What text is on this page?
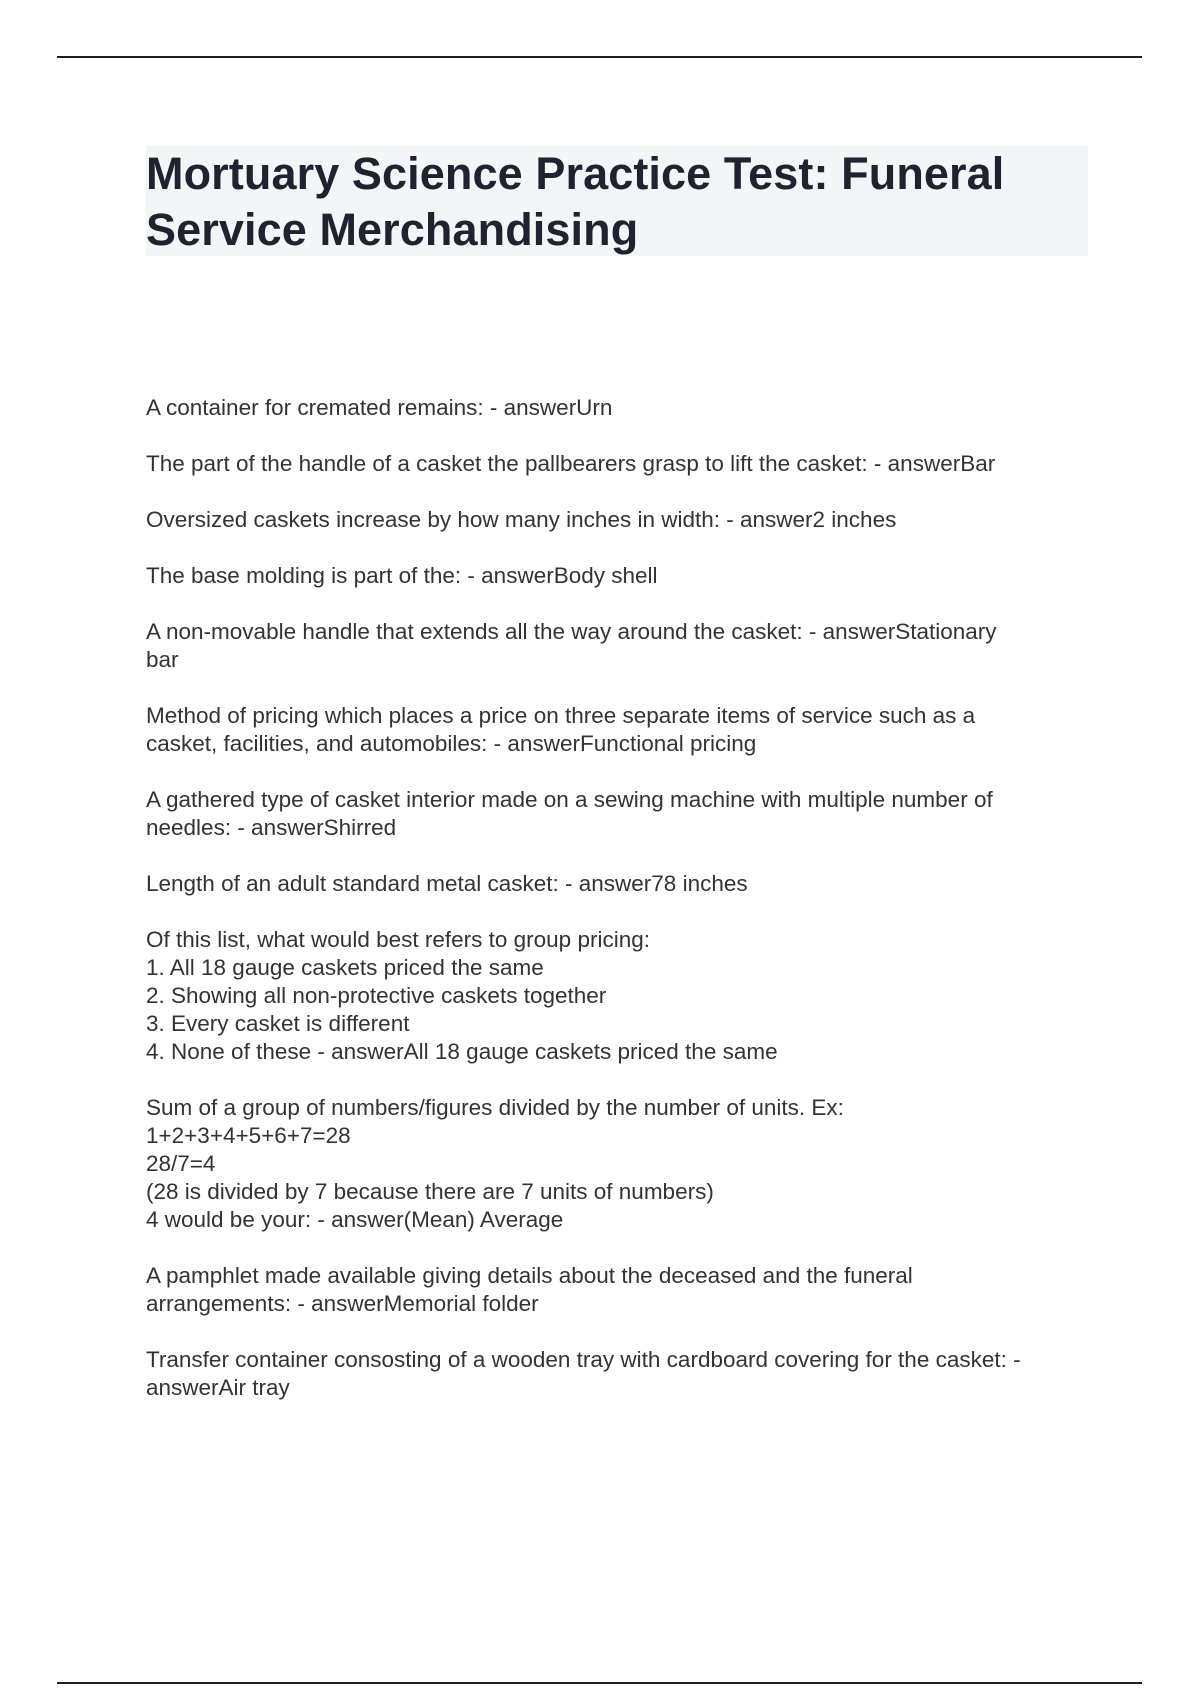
Mortuary Science Practice Test: Funeral
Service Merchandising
A container for cremated remains: - answerUrn
The part of the handle of a casket the pallbearers grasp to lift the casket: - answerBar
Oversized caskets increase by how many inches in width: - answer2 inches
The base molding is part of the: - answerBody shell
A non-movable handle that extends all the way around the casket: - answerStationary
bar
Method of pricing which places a price on three separate items of service such as a
casket, facilities, and automobiles: - answerFunctional pricing
A gathered type of casket interior made on a sewing machine with multiple number of
needles: - answerShirred
Length of an adult standard metal casket: - answer78 inches
Of this list, what would best refers to group pricing:
1. All 18 gauge caskets priced the same
2. Showing all non-protective caskets together
3. Every casket is different
4. None of these - answerAll 18 gauge caskets priced the same
Sum of a group of numbers/figures divided by the number of units. Ex:
1+2+3+4+5+6+7=28
28/7=4
(28 is divided by 7 because there are 7 units of numbers)
4 would be your: - answer(Mean) Average
A pamphlet made available giving details about the deceased and the funeral
arrangements: - answerMemorial folder
Transfer container consosting of a wooden tray with cardboard covering for the casket: -
answerAir tray
